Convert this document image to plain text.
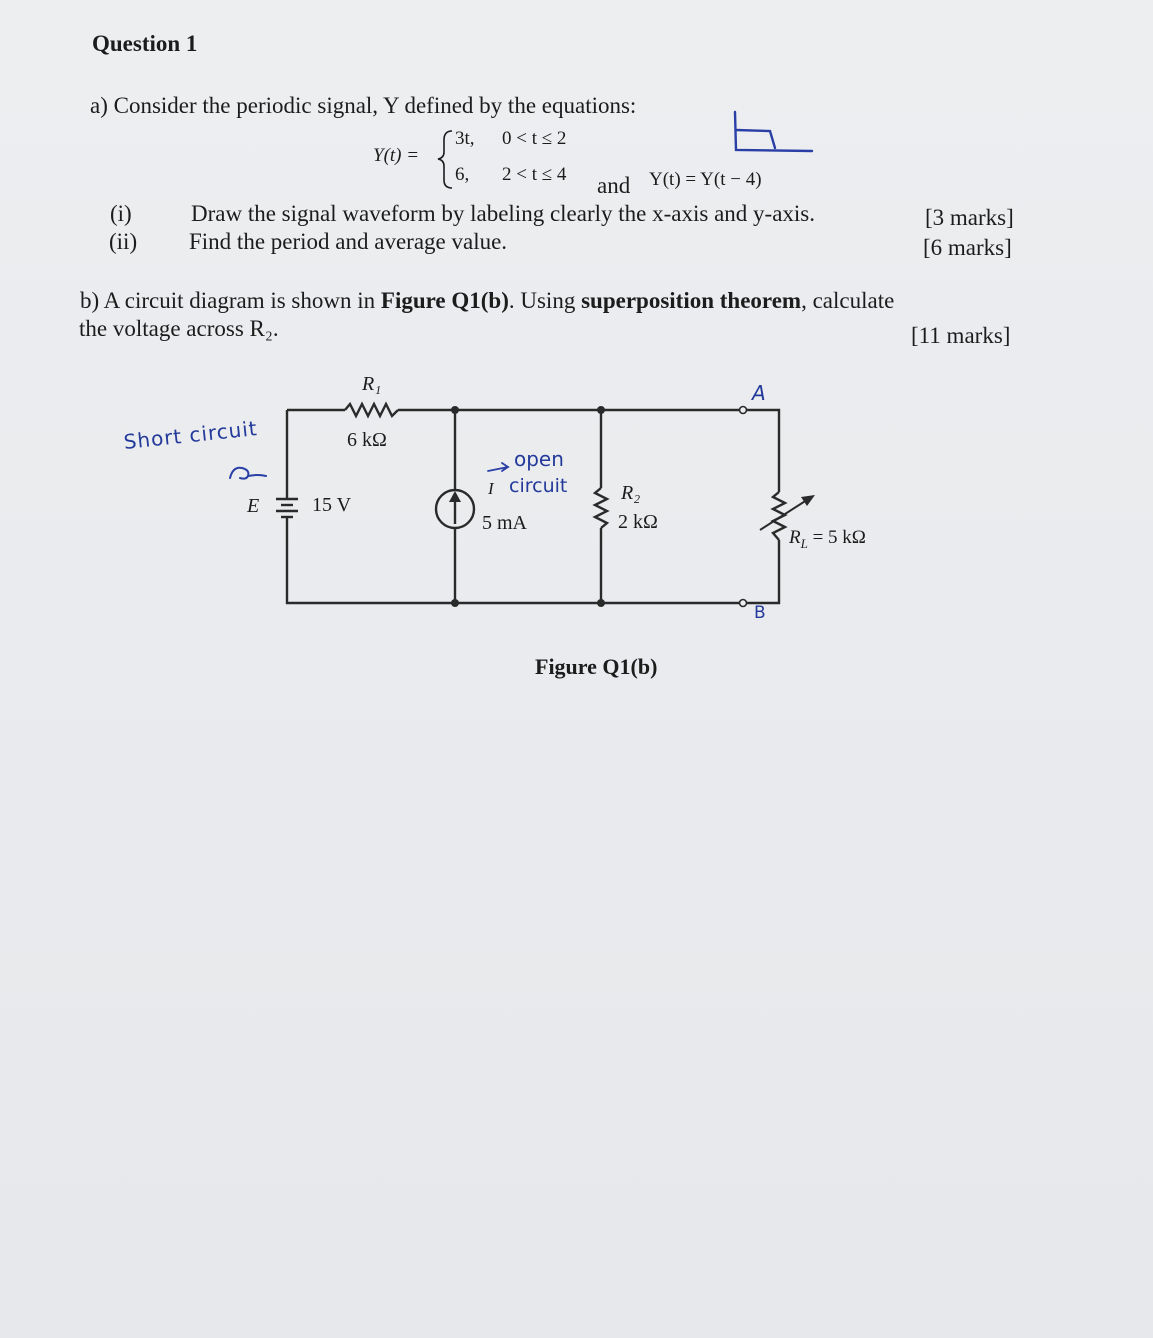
Question 1
a) Consider the periodic signal, Y defined by the equations:
Y(t) =
3t, 0 < t ≤ 2
6, 2 < t ≤ 4 and Y(t) = Y(t − 4)
(i)	Draw the signal waveform by labeling clearly the x-axis and y-axis.	[3 marks]
(ii) Find the period and average value.	[6 marks]
b) A circuit diagram is shown in Figure Q1(b). Using superposition theorem, calculate
the voltage across R₂.	[11 marks]
R₁
6 kΩ
E	15 V
I
5 mA
R₂
2 kΩ
$R_L = 5$ kΩ
Figure Q1(b)
Short circuit
open
circuit
A
B
